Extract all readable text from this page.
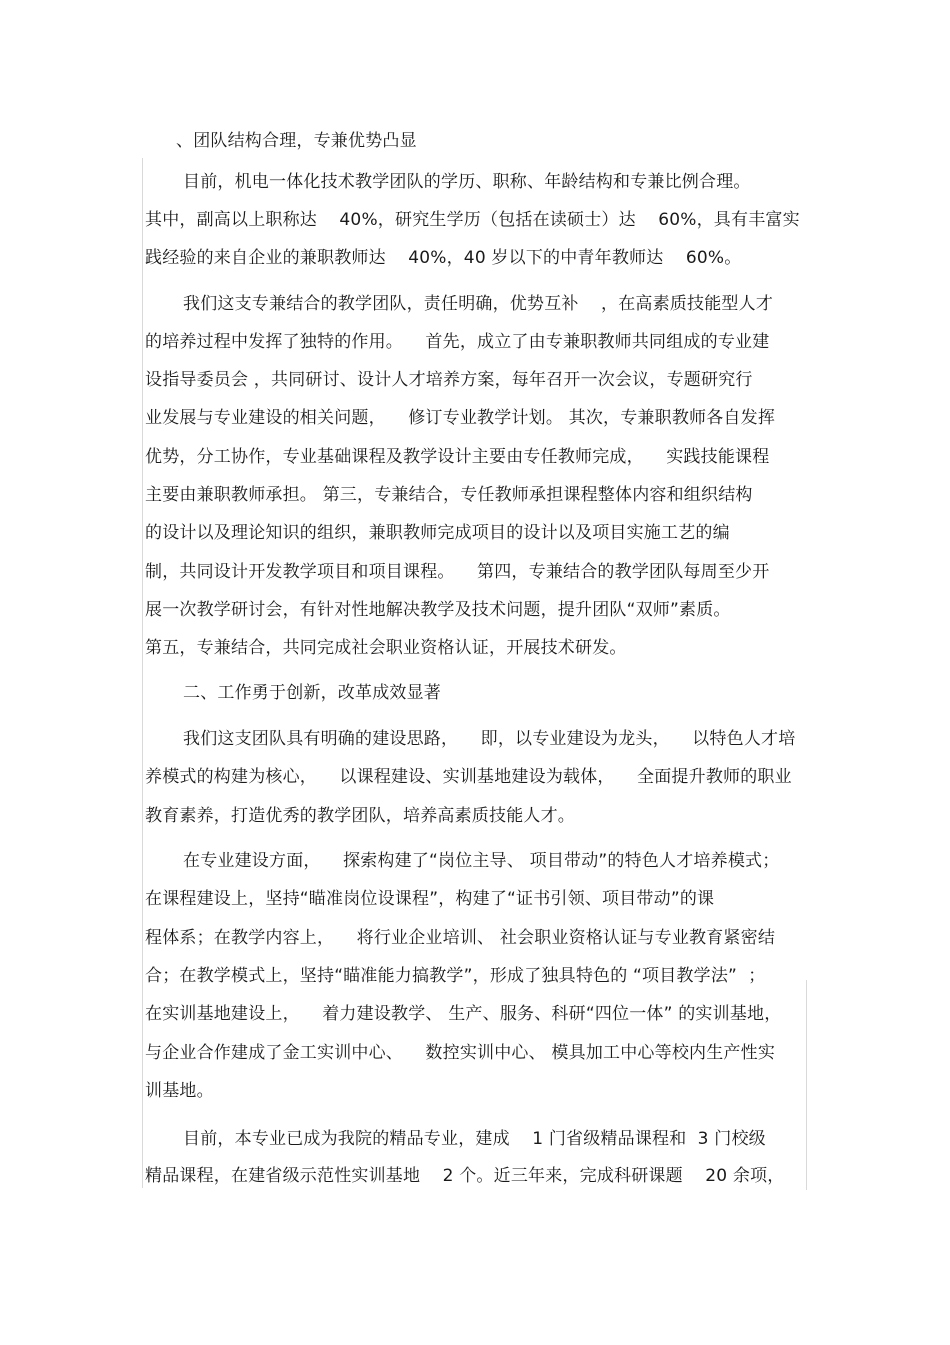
、团队结构合理，专兼优势凸显
目前，机电一体化技术教学团队的学历、职称、年龄结构和专兼比例合理。
其中，副高以上职称达    40%，研究生学历（包括在读硕士）达    60%，具有丰富实
践经验的来自企业的兼职教师达    40%，40 岁以下的中青年教师达    60%。
我们这支专兼结合的教学团队，责任明确，优势互补    ，在高素质技能型人才
的培养过程中发挥了独特的作用。    首先，成立了由专兼职教师共同组成的专业建
设指导委员会 ，共同研讨、设计人才培养方案，每年召开一次会议，专题研究行
业发展与专业建设的相关问题，    修订专业教学计划。 其次，专兼职教师各自发挥
优势，分工协作，专业基础课程及教学设计主要由专任教师完成，    实践技能课程
主要由兼职教师承担。 第三，专兼结合，专任教师承担课程整体内容和组织结构
的设计以及理论知识的组织，兼职教师完成项目的设计以及项目实施工艺的编
制，共同设计开发教学项目和项目课程。    第四，专兼结合的教学团队每周至少开
展一次教学研讨会，有针对性地解决教学及技术问题，提升团队“双师”素质。
第五，专兼结合，共同完成社会职业资格认证，开展技术研发。
二、工作勇于创新，改革成效显著
我们这支团队具有明确的建设思路，    即，以专业建设为龙头，    以特色人才培
养模式的构建为核心，    以课程建设、实训基地建设为载体，    全面提升教师的职业
教育素养，打造优秀的教学团队，培养高素质技能人才。
在专业建设方面，    探索构建了“岗位主导、 项目带动”的特色人才培养模式；
在课程建设上，坚持“瞄准岗位设课程”，构建了“证书引领、项目带动”的课
程体系；在教学内容上，    将行业企业培训、 社会职业资格认证与专业教育紧密结
合；在教学模式上，坚持“瞄准能力搞教学”，形成了独具特色的 “项目教学法”  ；
在实训基地建设上，    着力建设教学、 生产、服务、科研“四位一体” 的实训基地，
与企业合作建成了金工实训中心、    数控实训中心、 模具加工中心等校内生产性实
训基地。
目前，本专业已成为我院的精品专业，建成    1 门省级精品课程和  3 门校级
精品课程，在建省级示范性实训基地    2 个。近三年来，完成科研课题    20 余项，
